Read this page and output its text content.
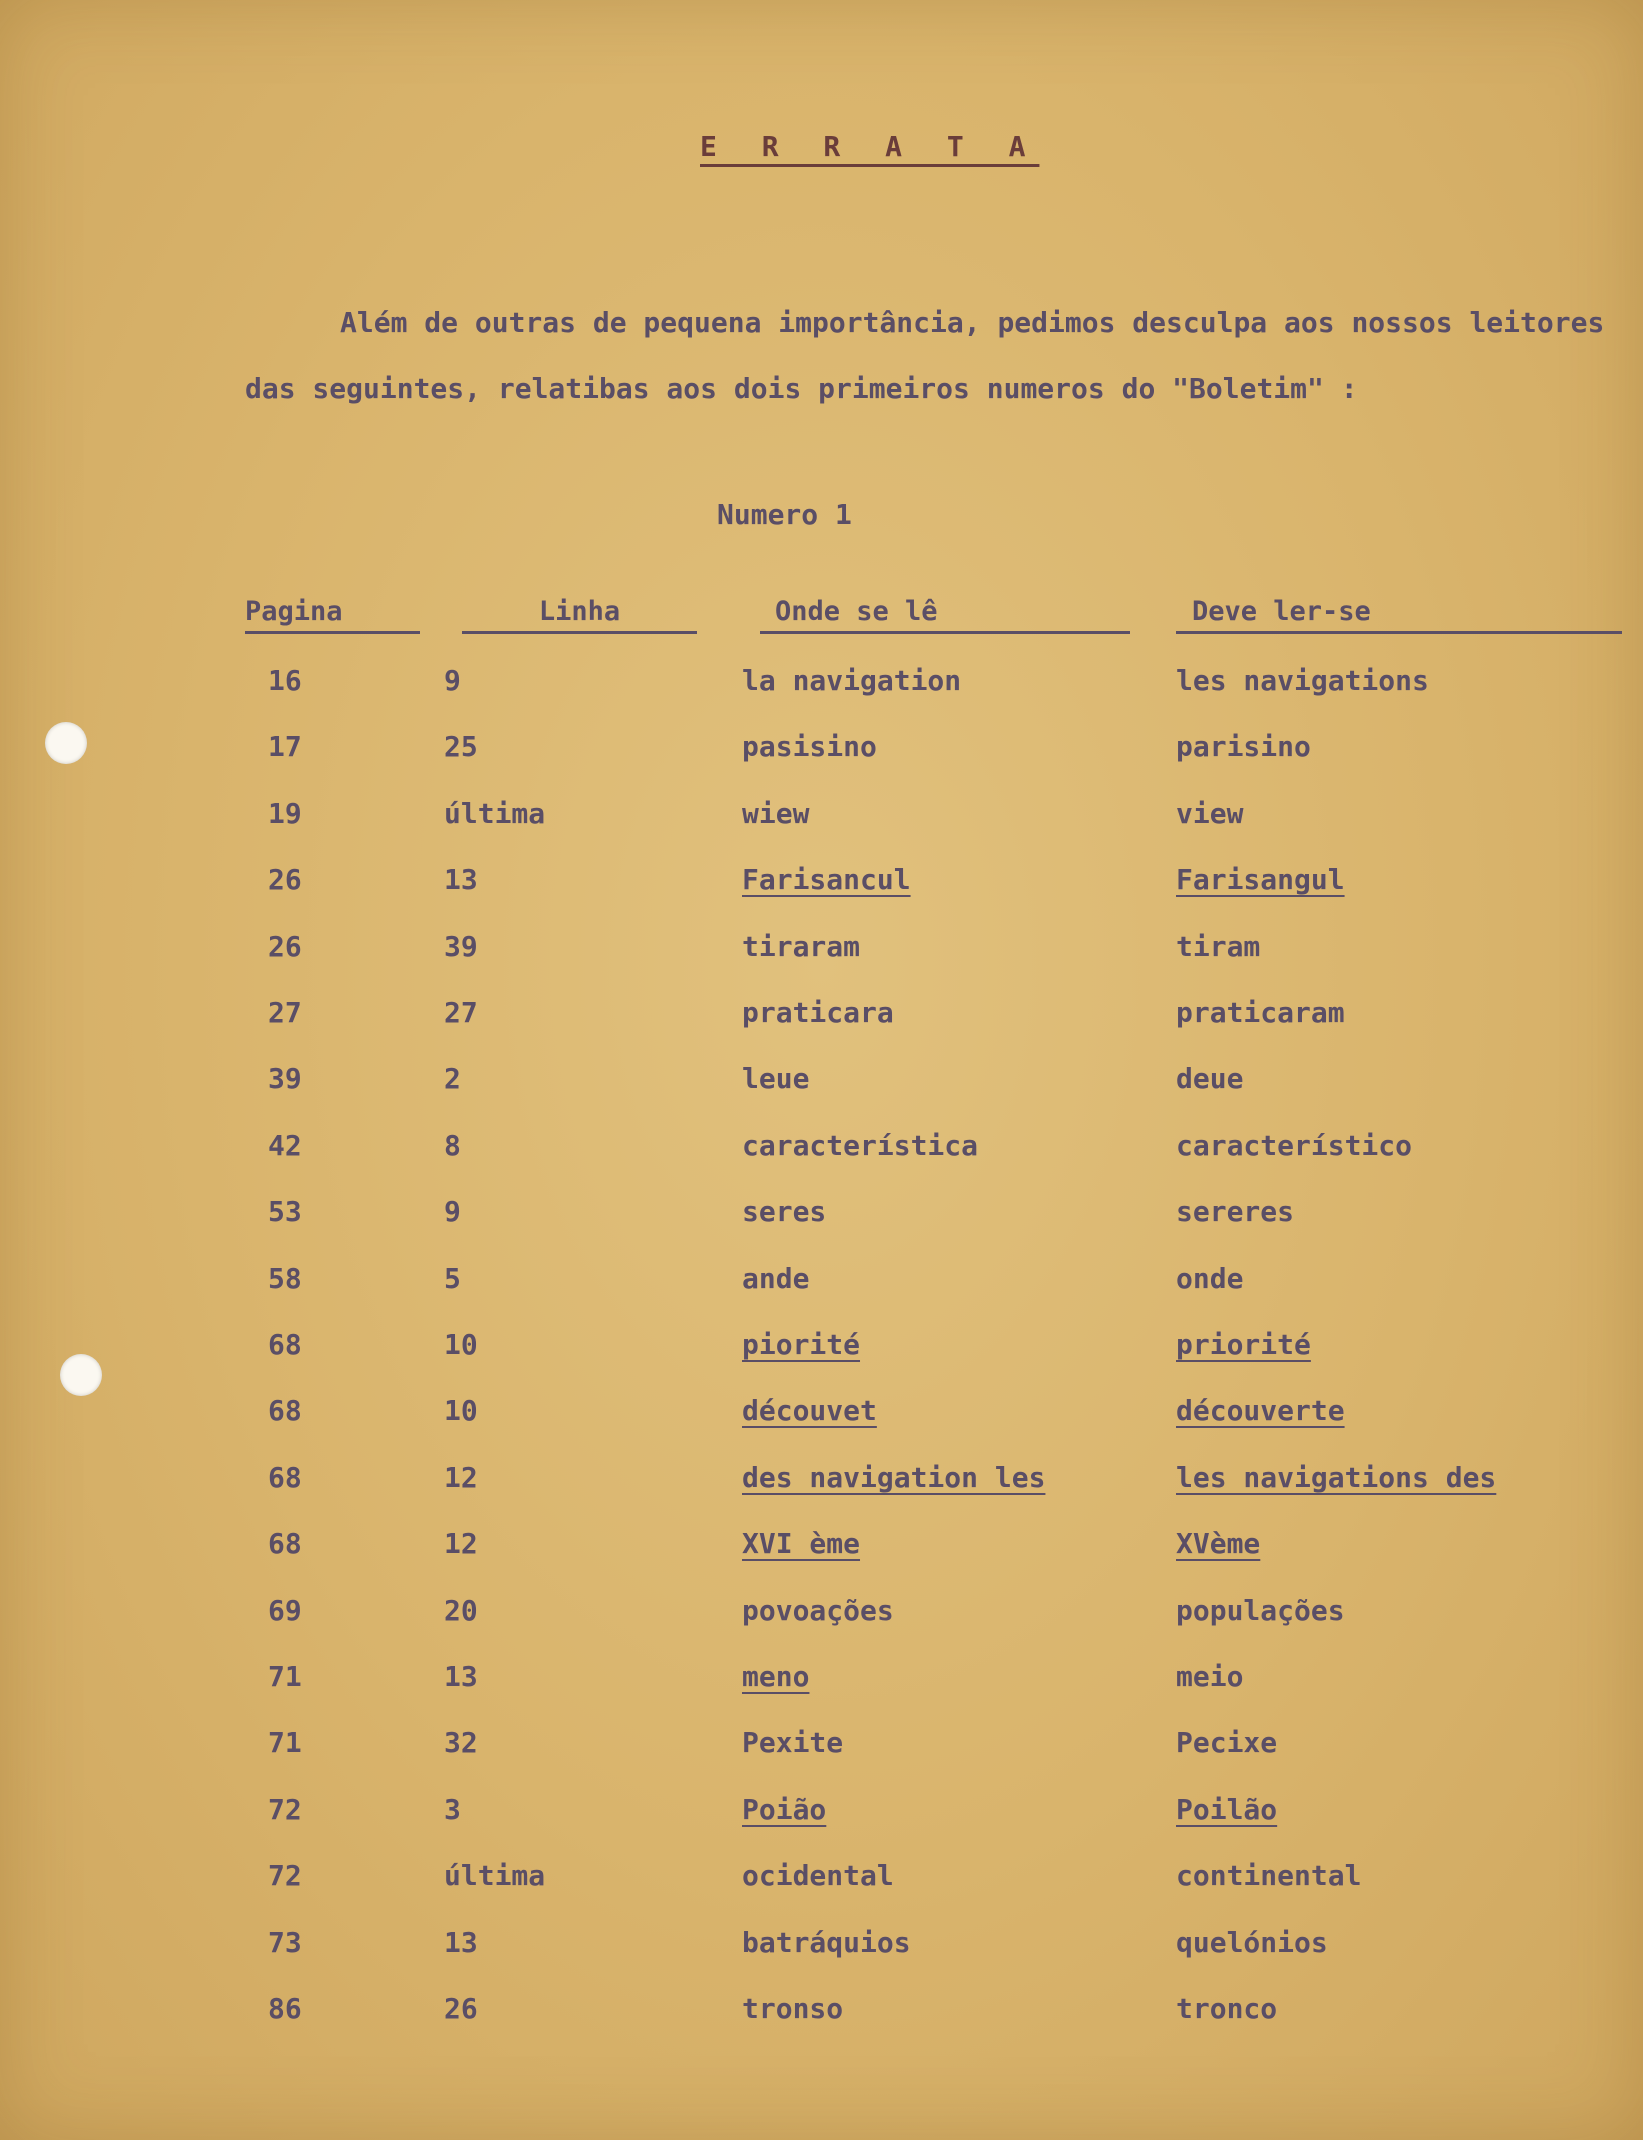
E R R A T A

Além de outras de pequena importância, pedimos desculpa aos nossos leitores das seguintes, relatibas aos dois primeiros numeros do "Boletim" :

Numero 1
Pagina	Linha	Onde se lê	Deve ler-se
16	9	la navigation	les navigations
17	25	pasisino	parisino
19	última	wiew	view
26	13	Farisancul	Farisangul
26	39	tiraram	tiram
27	27	praticara	praticaram
39	2	leue	deue
42	8	característica	característico
53	9	seres	sereres
58	5	ande	onde
68	10	piorité	priorité
68	10	découvet	découverte
68	12	des navigation les	les navigations des
68	12	XVI ème	XVème
69	20	povoações	populações
71	13	meno	meio
71	32	Pexite	Pecixe
72	3	Poião	Poilão
72	última	ocidental	continental
73	13	batráquios	quelónios
86	26	tronso	tronco
